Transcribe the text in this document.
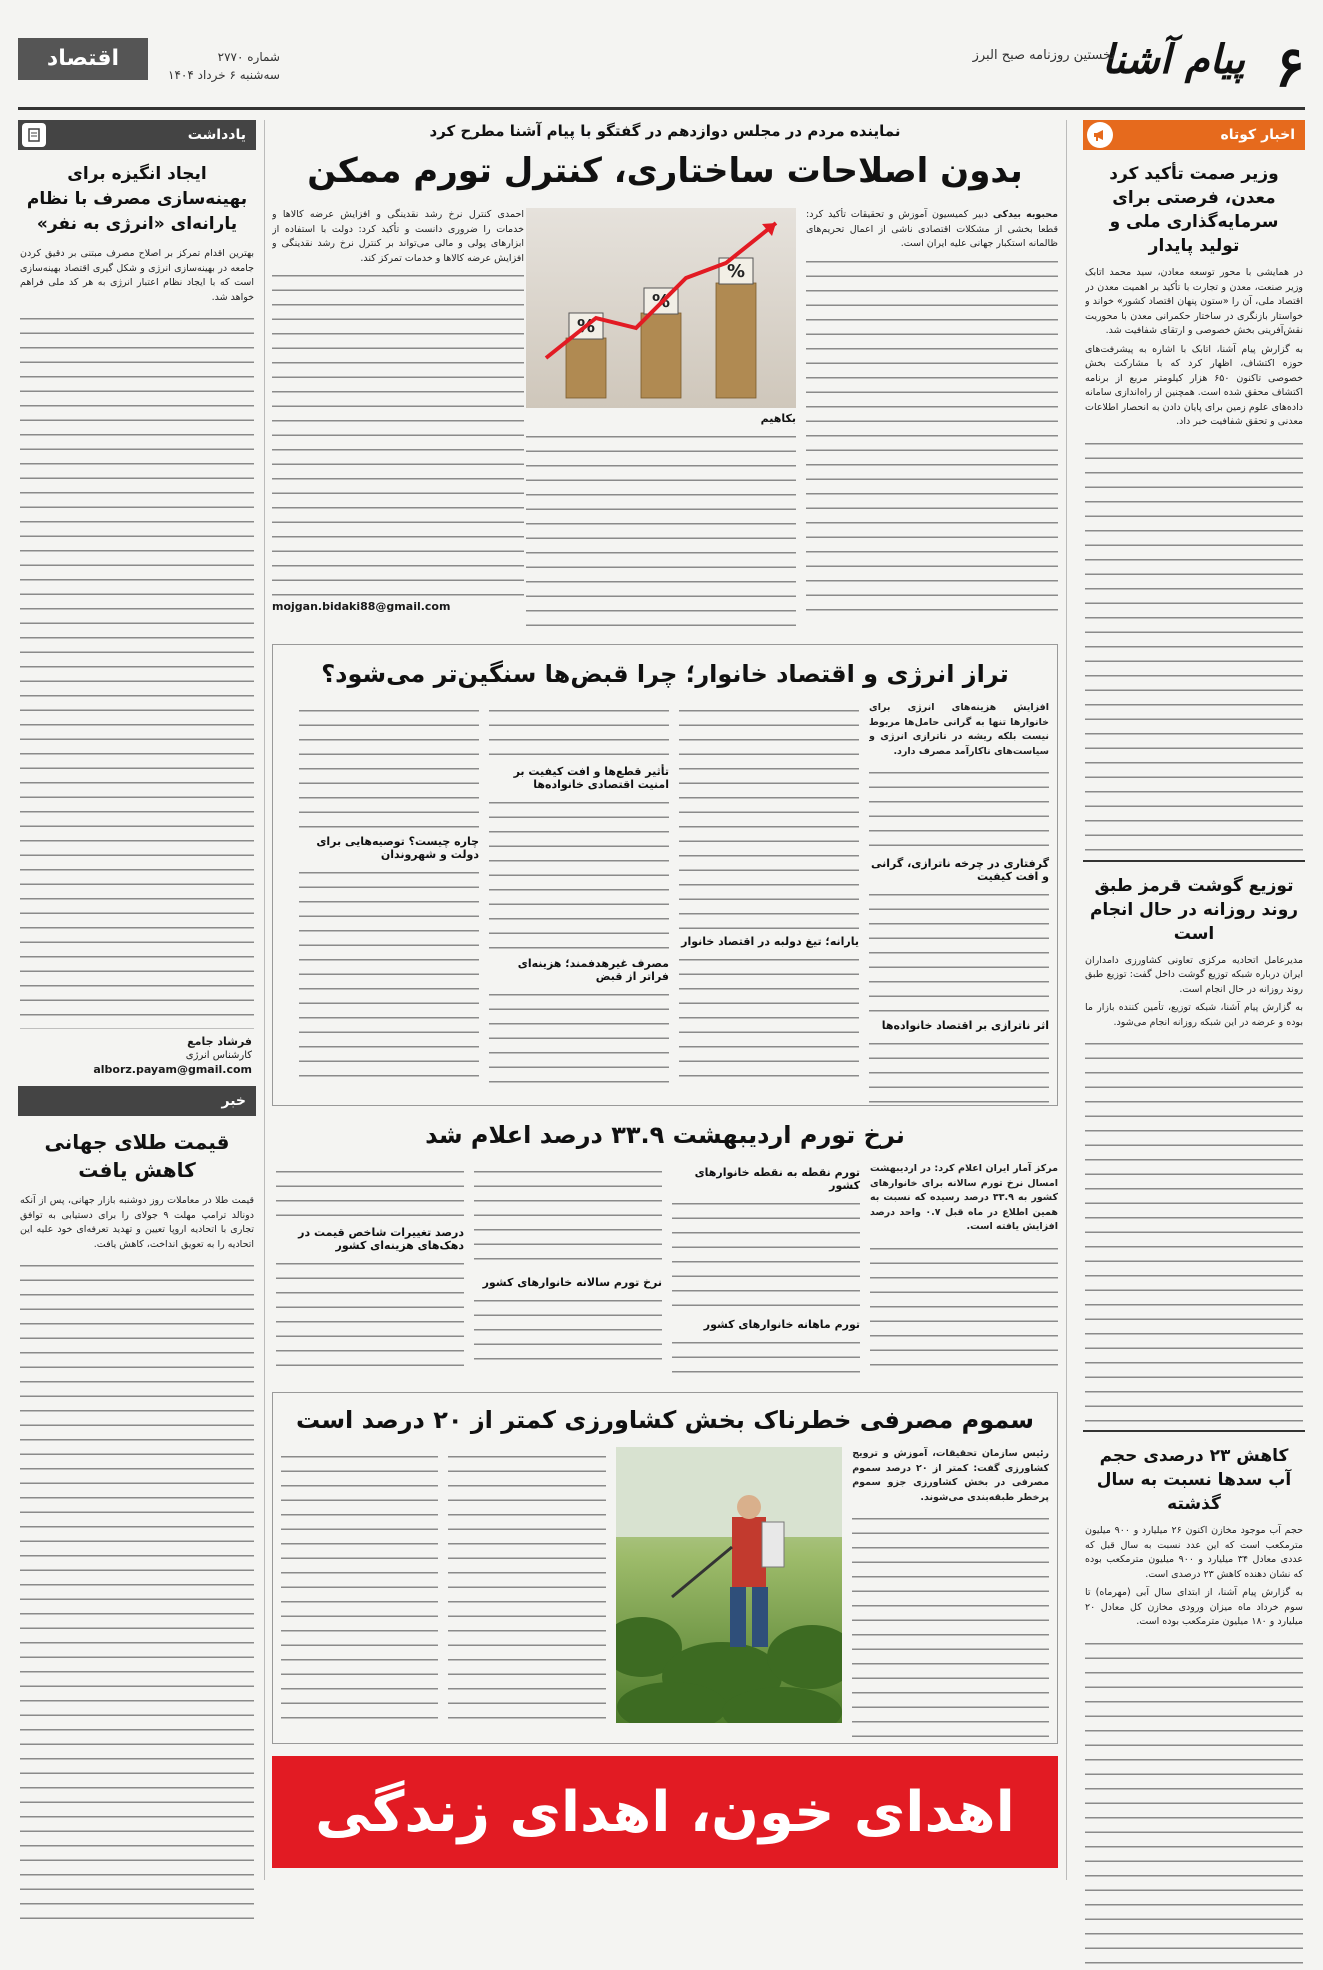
۶
پیام آشنا
نخستین روزنامه صبح البرز
شماره ۲۷۷۰
سه‌شنبه ۶ خرداد ۱۴۰۴
اقتصاد
اخبار کوتاه
وزیر صمت تأکید کرد معدن، فرصتی برای سرمایه‌گذاری ملی و تولید پایدار

در همایشی با محور توسعه معادن، سید محمد اتابک وزیر صنعت، معدن و تجارت با تأکید بر اهمیت معدن در اقتصاد ملی، آن را «ستون پنهان اقتصاد کشور» خواند و خواستار بازنگری در ساختار حکمرانی معدن با محوریت نقش‌آفرینی بخش خصوصی و ارتقای شفافیت شد.

به گزارش پیام آشنا، اتابک با اشاره به پیشرفت‌های حوزه اکتشاف، اظهار کرد که با مشارکت بخش خصوصی تاکنون ۶۵۰ هزار کیلومتر مربع از برنامه اکتشاف محقق شده است. همچنین از راه‌اندازی سامانه داده‌های علوم زمین برای پایان دادن به انحصار اطلاعات معدنی و تحقق شفافیت خبر داد.

توزیع گوشت قرمز طبق روند روزانه در حال انجام است

مدیرعامل اتحادیه مرکزی تعاونی کشاورزی دامداران ایران درباره شبکه توزیع گوشت داخل گفت: توزیع طبق روند روزانه در حال انجام است.

به گزارش پیام آشنا، شبکه توزیع، تأمین کننده بازار ما بوده و عرضه در این شبکه روزانه انجام می‌شود.

کاهش ۲۳ درصدی حجم آب سدها نسبت به سال گذشته

حجم آب موجود مخازن اکنون ۲۶ میلیارد و ۹۰۰ میلیون مترمکعب است که این عدد نسبت به سال قبل که عددی معادل ۳۴ میلیارد و ۹۰۰ میلیون مترمکعب بوده که نشان دهنده کاهش ۲۳ درصدی است.

به گزارش پیام آشنا، از ابتدای سال آبی (مهرماه) تا سوم خرداد ماه میزان ورودی مخازن کل معادل ۲۰ میلیارد و ۱۸۰ میلیون مترمکعب بوده است.

یادداشت
ایجاد انگیزه برای بهینه‌سازی مصرف با نظام یارانه‌ای «انرژی به نفر»

بهترین اقدام تمرکز بر اصلاح مصرف مبتنی بر دقیق کردن جامعه در بهینه‌سازی انرژی و شکل گیری اقتصاد بهینه‌سازی است که با ایجاد نظام اعتبار انرژی به هر کد ملی فراهم خواهد شد.

فرشاد جامع
کارشناس انرژی
alborz.payam@gmail.com
خبر
قیمت طلای جهانی کاهش یافت

قیمت طلا در معاملات روز دوشنبه بازار جهانی، پس از آنکه دونالد ترامپ مهلت ۹ جولای را برای دستیابی به توافق تجاری با اتحادیه اروپا تعیین و تهدید تعرفه‌ای خود علیه این اتحادیه را به تعویق انداخت، کاهش یافت.

نماینده مردم در مجلس دوازدهم در گفتگو با پیام آشنا مطرح کرد
بدون اصلاحات ساختاری، کنترل تورم ممکن

محبوبه بیدکی دبیر کمیسیون آموزش و تحقیقات تأکید کرد: قطعا بخشی از مشکلات اقتصادی ناشی از اعمال تحریم‌های ظالمانه استکبار جهانی علیه ایران است.

%
%
%
بکاهیم

احمدی کنترل نرخ رشد نقدینگی و افزایش عرضه کالاها و خدمات را ضروری دانست و تأکید کرد: دولت با استفاده از ابزارهای پولی و مالی می‌تواند بر کنترل نرخ رشد نقدینگی و افزایش عرضه کالاها و خدمات تمرکز کند.

mojgan.bidaki88@gmail.com
تراز انرژی و اقتصاد خانوار؛ چرا قبض‌ها سنگین‌تر می‌شود؟

افزایش هزینه‌های انرژی برای خانوارها تنها به گرانی حامل‌ها مربوط نیست بلکه ریشه در ناترازی انرژی و سیاست‌های ناکارآمد مصرف دارد.

گرفتاری در چرخه ناترازی، گرانی و افت کیفیت
اثر ناترازی بر اقتصاد خانواده‌ها
یارانه؛ تیغ دولبه در اقتصاد خانوار
تأثیر قطع‌ها و افت کیفیت بر امنیت اقتصادی خانواده‌ها
مصرف غیرهدفمند؛ هزینه‌ای فراتر از قبض
چاره چیست؟ توصیه‌هایی برای دولت و شهروندان
نرخ تورم اردیبهشت ۳۳.۹ درصد اعلام شد

مرکز آمار ایران اعلام کرد: در اردیبهشت امسال نرخ تورم سالانه برای خانوارهای کشور به ۳۳.۹ درصد رسیده که نسبت به همین اطلاع در ماه قبل ۰.۷ واحد درصد افزایش یافته است.

تورم نقطه به نقطه خانوارهای کشور
تورم ماهانه خانوارهای کشور
نرخ تورم سالانه خانوارهای کشور
درصد تغییرات شاخص قیمت در دهک‌های هزینه‌ای کشور
سموم مصرفی خطرناک بخش کشاورزی کمتر از ۲۰ درصد است

رئیس سازمان تحقیقات، آموزش و ترویج کشاورزی گفت: کمتر از ۲۰ درصد سموم مصرفی در بخش کشاورزی جزو سموم پرخطر طبقه‌بندی می‌شوند.

اهدای خون، اهدای زندگی
